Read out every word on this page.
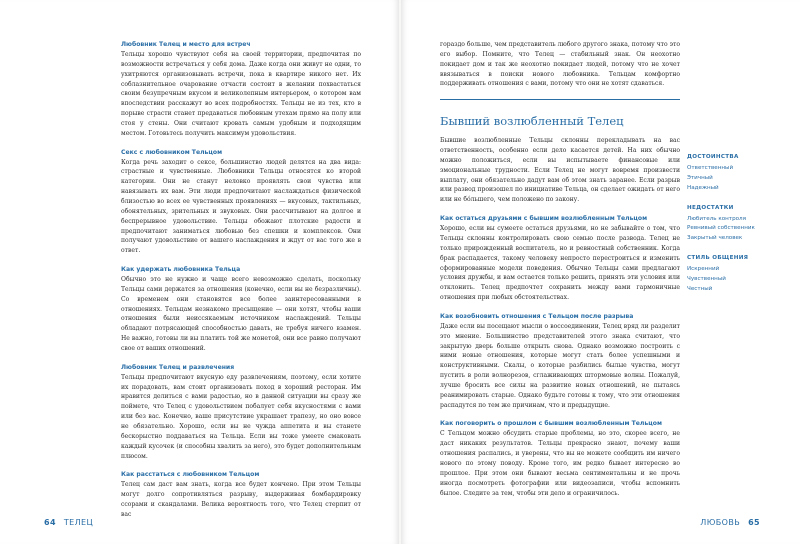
Любовник Телец и место для встреч
Тельцы хорошо чувствуют себя на своей территории, предпочитая по возможности встречаться у себя дома. Даже когда они живут не одни, то ухитряются организовывать встречи, пока в квартире никого нет. Их соблазнительное очарование отчасти состоит в желании похвастаться своим безупречным вкусом и великолепным интерьером, о котором вам впоследствии расскажут во всех подробностях. Тельцы не из тех, кто в порыве страсти станет предаваться любовным утехам прямо на полу или стоя у стены. Они считают кровать самым удобным и подходящим местом. Готовьтесь получить максимум удовольствия.
Секс с любовником Тельцом
Когда речь заходит о сексе, большинство людей делятся на два вида: страстные и чувственные. Любовники Тельцы относятся ко второй категории. Они не станут неловко проявлять свои чувства или навязывать их вам. Эти люди предпочитают наслаждаться физической близостью во всех ее чувственных проявлениях — вкусовых, тактильных, обонятельных, зрительных и звуковых. Они рассчитывают на долгое и беспрерывное удовольствие. Тельцы обожают плотские радости и предпочитают заниматься любовью без спешки и комплексов. Они получают удовольствие от вашего наслаждения и ждут от вас того же в ответ.
Как удержать любовника Тельца
Обычно это не нужно и чаще всего невозможно сделать, поскольку Тельцы сами держатся за отношения (конечно, если вы не безразличны). Со временем они становятся все более заинтересованными в отношениях. Тельцам незнакомо пресыщение — они хотят, чтобы ваши отношения были неиссякаемым источником наслаждений. Тельцы обладают потрясающей способностью давать, не требуя ничего взамен. Не важно, готовы ли вы платить той же монетой, они все равно получают свое от ваших отношений.
Любовник Телец и развлечения
Тельцы предпочитают вкусную еду развлечениям, поэтому, если хотите их порадовать, вам стоит организовать поход в хороший ресторан. Им нравится делиться с вами радостью, но в данной ситуации вы сразу же поймете, что Телец с удовольствием побалует себя вкусностями с вами или без вас. Конечно, ваше присутствие украшает трапезу, но оно вовсе не обязательно. Хорошо, если вы не чужда аппетита и вы станете бескорыстно поддаваться на Тельца. Если вы тоже умеете смаковать каждый кусочек (и способны хвалить за него), это будет дополнительным плюсом.
Как расстаться с любовником Тельцом
Телец сам даст вам знать, когда все будет кончено. При этом Тельцы могут долго сопротивляться разрыву, выдерживая бомбардировку ссорами и скандалами. Велика вероятность того, что Телец стерпит от вас
64 ТЕЛЕЦ
гораздо больше, чем представитель любого другого знака, потому что это его выбор. Помните, что Телец — стабильный знак. Он неохотно покидает дом и так же неохотно покидает людей, потому что не хочет ввязываться в поиски нового любовника. Тельцам комфортно поддерживать отношения с вами, потому что они не хотят сдаваться.
Бывший возлюбленный Телец
Бывшие возлюбленные Тельцы склонны перекладывать на вас ответственность, особенно если дело касается детей. На них обычно можно положиться, если вы испытываете финансовые или эмоциональные трудности. Если Телец не могут вовремя произвести выплату, они обязательно дадут вам об этом знать заранее. Если разрыв или развод произошел по инициативе Тельца, он сделает ожидать от него или не бо́льшего, чем положено по закону.
Как остаться друзьями с бывшим возлюбленным Тельцом
Хорошо, если вы сумеете остаться друзьями, но не забывайте о том, что Тельцы склонны контролировать свою семью после развода. Телец не только прирожденный воспитатель, но и ревностный собственник. Когда брак распадается, такому человеку непросто перестроиться и изменить сформированные модели поведения. Обычно Тельцы сами предлагают условия дружбы, и вам остается только решить, принять эти условия или отклонить. Телец предпочтет сохранить между вами гармоничные отношения при любых обстоятельствах.
Как возобновить отношения с Тельцом после разрыва
Даже если вы посещают мысли о воссоединении, Телец вряд ли разделит это мнение. Большинство представителей этого знака считают, что закрытую дверь больше открыть снова. Однако возможно построить с ними новые отношения, которые могут стать более успешными и конструктивными. Скалы, о которые разбились былые чувства, могут пустить в роли волнорезов, сглаживающих штормовые волны. Пожалуй, лучше бросить все силы на развитие новых отношений, не пытаясь реанимировать старые. Однако будьте готовы к тому, что эти отношения распадутся по тем же причинам, что и предыдущие.
Как поговорить о прошлом с бывшим возлюбленным Тельцом
С Тельцом можно обсудить старые проблемы, но это, скорее всего, не даст никаких результатов. Тельцы прекрасно знают, почему ваши отношения распались, и уверены, что вы не можете сообщить им ничего нового по этому поводу. Кроме того, им редко бывает интересно во прошлое. При этом они бывают весьма сентиментальны и не прочь иногда посмотреть фотографии или видеозаписи, чтобы вспомнить былое. Следите за тем, чтобы эти дело и ограничилось.
ДОСТОИНСТВА
Ответственный
Этичный
Надежный
НЕДОСТАТКИ
Любитель контроля
Ревнивый собственник
Закрытый человек
СТИЛЬ ОБЩЕНИЯ
Искренний
Чувственный
Честный
ЛЮБОВЬ 65
